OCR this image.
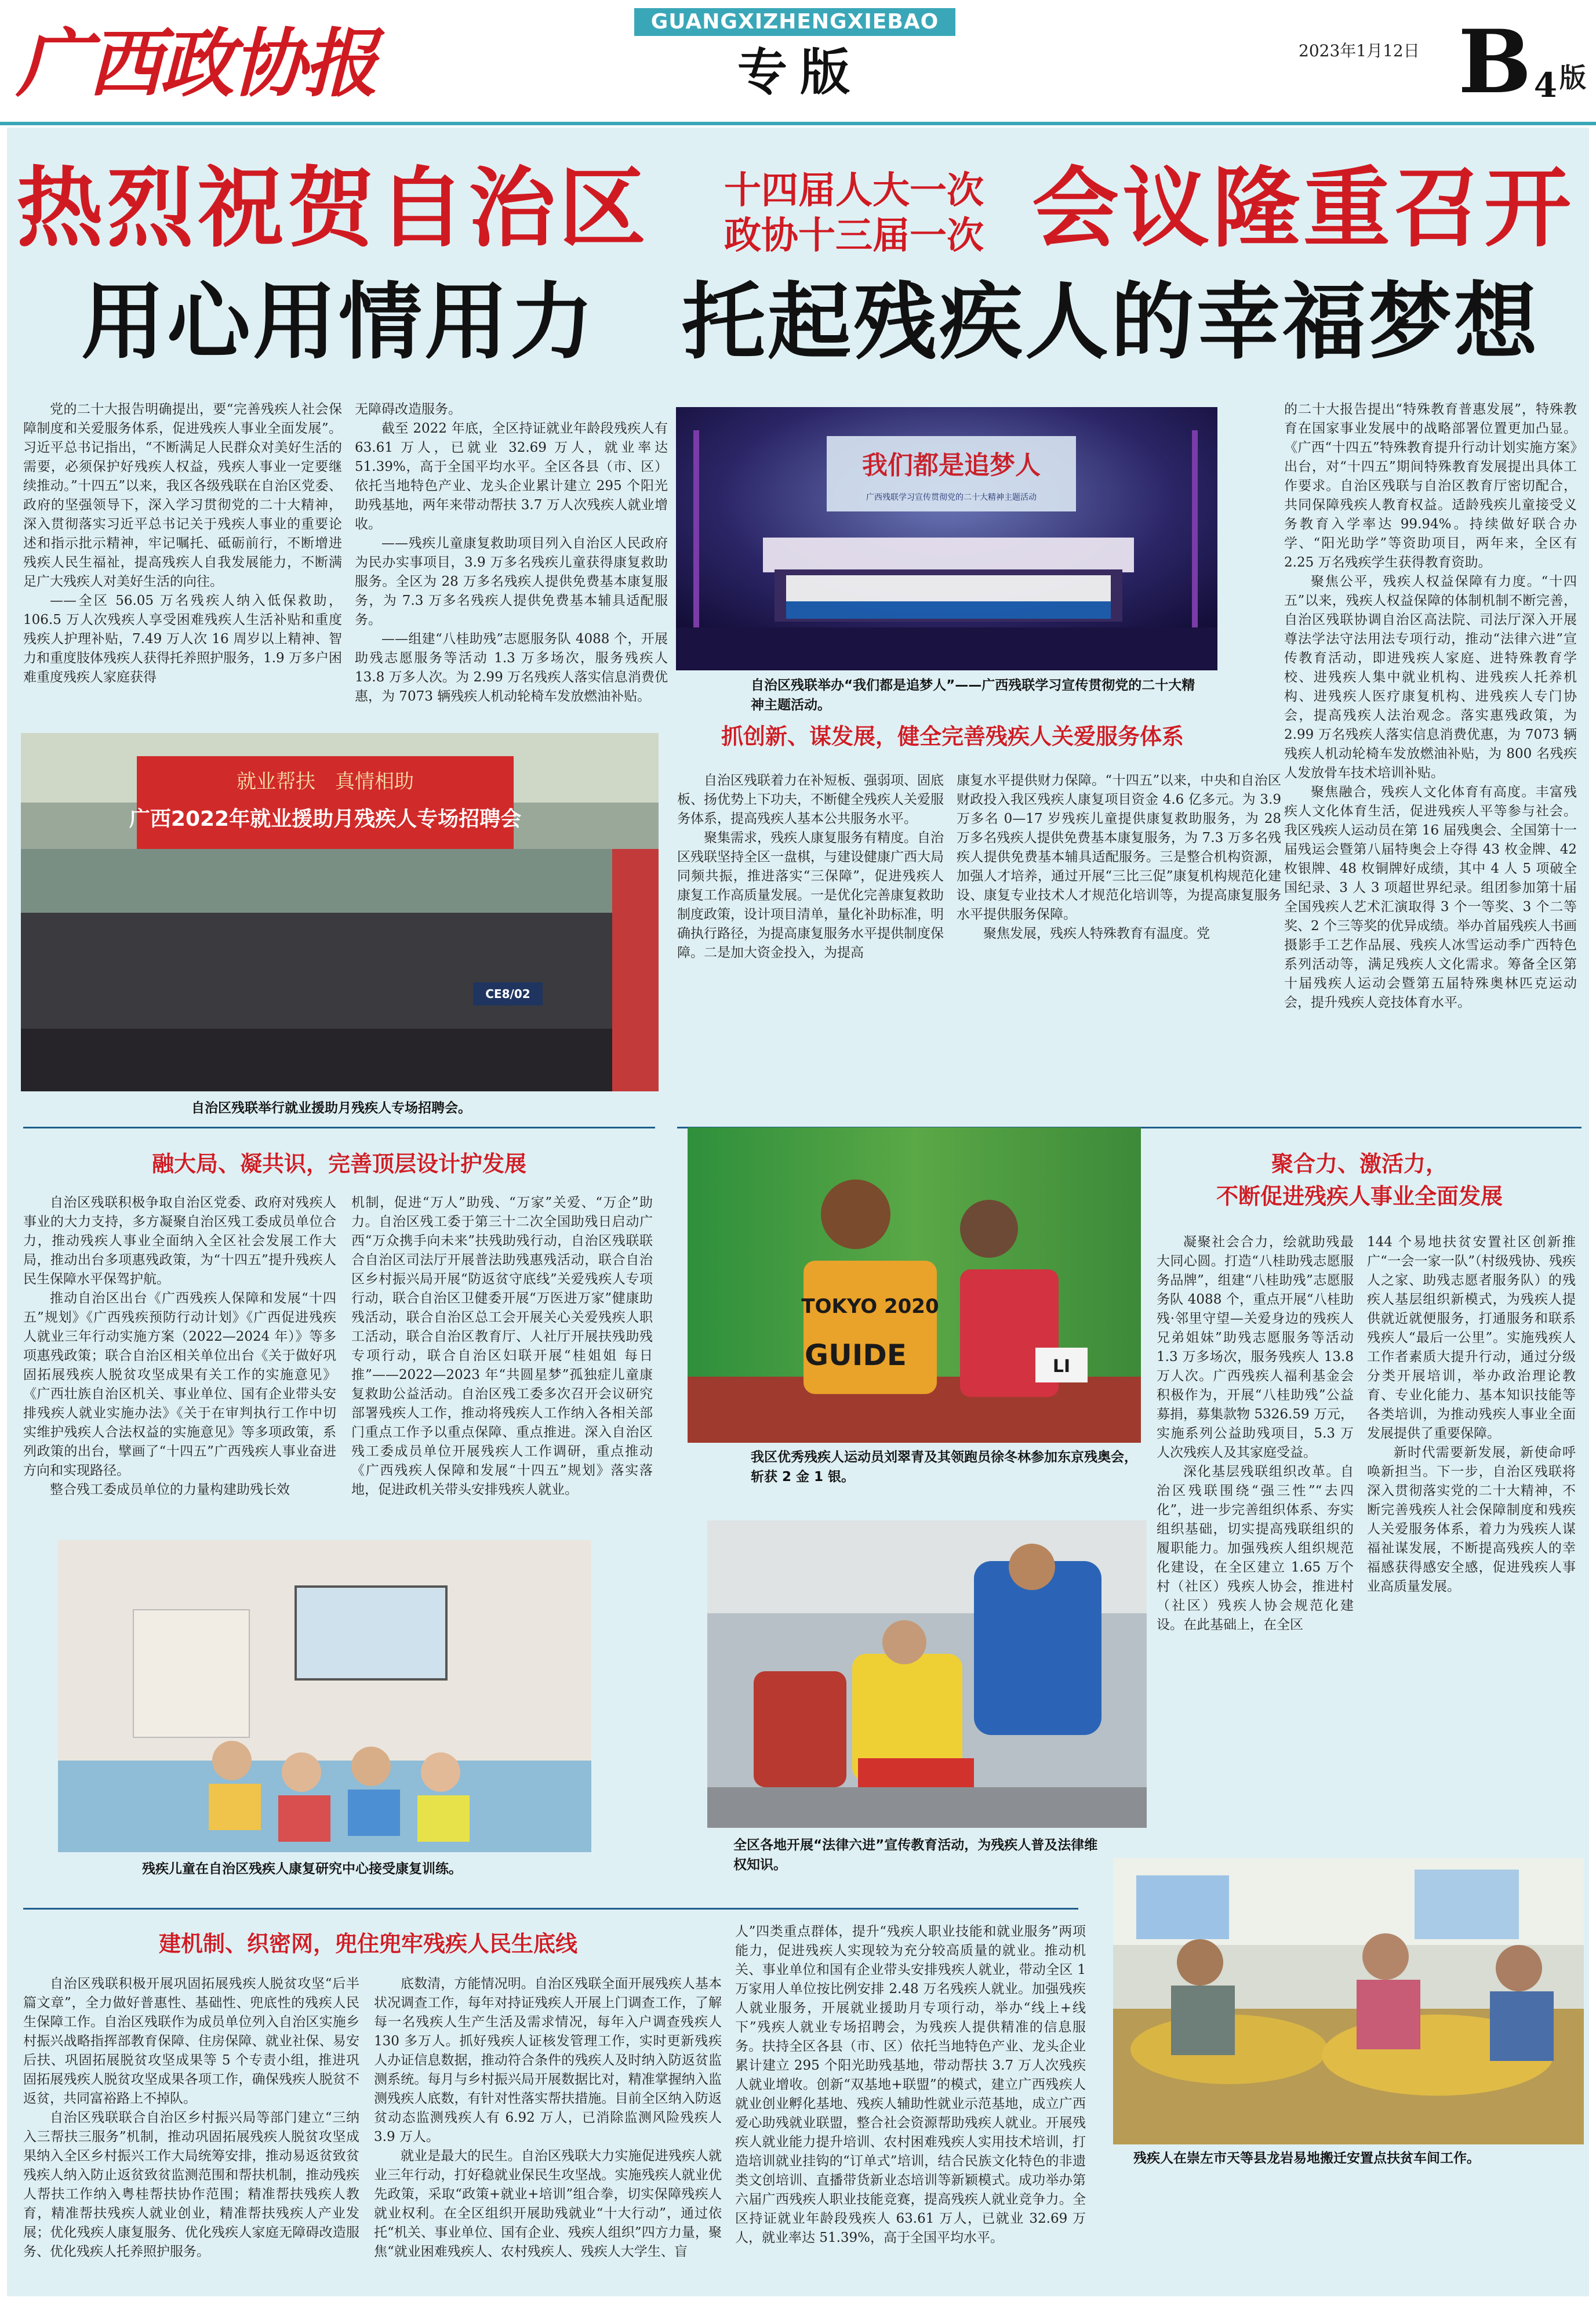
广西政协报	GUANGXIZHENGXIEBAO
专版	2023年1月12日 B4 版
热烈祝贺自治区	十四届人大一次
政协十三届一次 会议隆重召开
用心用情用力　托起残疾人的幸福梦想

党的二十大报告明确提出，要“完善残疾人社会保障制度和关爱服务体系，促进残疾人事业全面发展”。习近平总书记指出，“不断满足人民群众对美好生活的需要，必须保护好残疾人权益，残疾人事业一定要继续推动。”十四五”以来，我区各级残联在自治区党委、政府的坚强领导下，深入学习贯彻党的二十大精神，深入贯彻落实习近平总书记关于残疾人事业的重要论述和指示批示精神，牢记嘱托、砥砺前行，不断增进残疾人民生福祉，提高残疾人自我发展能力，不断满足广大残疾人对美好生活的向往。

——全区 56.05 万名残疾人纳入低保救助，106.5 万人次残疾人享受困难残疾人生活补贴和重度残疾人护理补贴，7.49 万人次 16 周岁以上精神、智力和重度肢体残疾人获得托养照护服务，1.9 万多户困难重度残疾人家庭获得

无障碍改造服务。

截至 2022 年底，全区持证就业年龄段残疾人有 63.61 万人，已就业 32.69 万人，就业率达 51.39%，高于全国平均水平。全区各县（市、区）依托当地特色产业、龙头企业累计建立 295 个阳光助残基地，两年来带动帮扶 3.7 万人次残疾人就业增收。

——残疾儿童康复救助项目列入自治区人民政府为民办实事项目，3.9 万多名残疾儿童获得康复救助服务。全区为 28 万多名残疾人提供免费基本康复服务，为 7.3 万多名残疾人提供免费基本辅具适配服务。

——组建“八桂助残”志愿服务队 4088 个，开展助残志愿服务等活动 1.3 万多场次，服务残疾人 13.8 万多人次。为 2.99 万名残疾人落实信息消费优惠，为 7073 辆残疾人机动轮椅车发放燃油补贴。

我们都是追梦人
广西残联学习宣传贯彻党的二十大精神主题活动
自治区残联举办“我们都是追梦人”——广西残联学习宣传贯彻党的二十大精神主题活动。
就业帮扶　真情相助
广西2022年就业援助月残疾人专场招聘会
CE8/02
自治区残联举行就业援助月残疾人专场招聘会。
抓创新、谋发展，健全完善残疾人关爱服务体系

自治区残联着力在补短板、强弱项、固底板、扬优势上下功夫，不断健全残疾人关爱服务体系，提高残疾人基本公共服务水平。

聚集需求，残疾人康复服务有精度。自治区残联坚持全区一盘棋，与建设健康广西大局同频共振，推进落实“三保障”，促进残疾人康复工作高质量发展。一是优化完善康复救助制度政策，设计项目清单，量化补助标准，明确执行路径，为提高康复服务水平提供制度保障。二是加大资金投入，为提高

康复水平提供财力保障。“十四五”以来，中央和自治区财政投入我区残疾人康复项目资金 4.6 亿多元。为 3.9 万多名 0—17 岁残疾儿童提供康复救助服务，为 28 万多名残疾人提供免费基本康复服务，为 7.3 万多名残疾人提供免费基本辅具适配服务。三是整合机构资源，加强人才培养，通过开展“三比三促”康复机构规范化建设、康复专业技术人才规范化培训等，为提高康复服务水平提供服务保障。

聚焦发展，残疾人特殊教育有温度。党

的二十大报告提出“特殊教育普惠发展”，特殊教育在国家事业发展中的战略部署位置更加凸显。《广西“十四五”特殊教育提升行动计划实施方案》出台，对“十四五”期间特殊教育发展提出具体工作要求。自治区残联与自治区教育厅密切配合，共同保障残疾人教育权益。适龄残疾儿童接受义务教育入学率达 99.94%。持续做好联合办学、“阳光助学”等资助项目，两年来，全区有 2.25 万名残疾学生获得教育资助。

聚焦公平，残疾人权益保障有力度。“十四五”以来，残疾人权益保障的体制机制不断完善，自治区残联协调自治区高法院、司法厅深入开展尊法学法守法用法专项行动，推动“法律六进”宣传教育活动，即进残疾人家庭、进特殊教育学校、进残疾人集中就业机构、进残疾人托养机构、进残疾人医疗康复机构、进残疾人专门协会，提高残疾人法治观念。落实惠残政策，为 2.99 万名残疾人落实信息消费优惠，为 7073 辆残疾人机动轮椅车发放燃油补贴，为 800 名残疾人发放骨车技术培训补贴。

聚焦融合，残疾人文化体育有高度。丰富残疾人文化体育生活，促进残疾人平等参与社会。我区残疾人运动员在第 16 届残奥会、全国第十一届残运会暨第八届特奥会上夺得 43 枚金牌、42 枚银牌、48 枚铜牌好成绩，其中 4 人 5 项破全国纪录、3 人 3 项超世界纪录。组团参加第十届全国残疾人艺术汇演取得 3 个一等奖、3 个二等奖、2 个三等奖的优异成绩。举办首届残疾人书画摄影手工艺作品展、残疾人冰雪运动季广西特色系列活动等，满足残疾人文化需求。筹备全区第十届残疾人运动会暨第五届特殊奥林匹克运动会，提升残疾人竞技体育水平。

融大局、凝共识，完善顶层设计护发展

自治区残联积极争取自治区党委、政府对残疾人事业的大力支持，多方凝聚自治区残工委成员单位合力，推动残疾人事业全面纳入全区社会发展工作大局，推动出台多项惠残政策，为“十四五”提升残疾人民生保障水平保驾护航。

推动自治区出台《广西残疾人保障和发展“十四五”规划》《广西残疾预防行动计划》《广西促进残疾人就业三年行动实施方案（2022—2024 年）》等多项惠残政策；联合自治区相关单位出台《关于做好巩固拓展残疾人脱贫攻坚成果有关工作的实施意见》《广西壮族自治区机关、事业单位、国有企业带头安排残疾人就业实施办法》《关于在审判执行工作中切实维护残疾人合法权益的实施意见》等多项政策，系列政策的出台，擘画了“十四五”广西残疾人事业奋进方向和实现路径。

整合残工委成员单位的力量构建助残长效

机制，促进“万人”助残、“万家”关爱、“万企”助力。自治区残工委于第三十二次全国助残日启动广西“万众携手向未来”扶残助残行动，自治区残联联合自治区司法厅开展普法助残惠残活动，联合自治区乡村振兴局开展“防返贫守底线”关爱残疾人专项行动，联合自治区卫健委开展“万医进万家”健康助残活动，联合自治区总工会开展关心关爱残疾人职工活动，联合自治区教育厅、人社厅开展扶残助残专项行动，联合自治区妇联开展“桂姐姐 每日推”——2022—2023 年“共圆星梦”孤独症儿童康复救助公益活动。自治区残工委多次召开会议研究部署残疾人工作，推动将残疾人工作纳入各相关部门重点工作予以重点保障、重点推进。深入自治区残工委成员单位开展残疾人工作调研，重点推动《广西残疾人保障和发展“十四五”规划》落实落地，促进政机关带头安排残疾人就业。

TOKYO 2020
GUIDE	LI
我区优秀残疾人运动员刘翠青及其领跑员徐冬林参加东京残奥会，斩获 2 金 1 银。
聚合力、激活力，
不断促进残疾人事业全面发展

凝聚社会合力，绘就助残最大同心圆。打造“八桂助残志愿服务品牌”，组建“八桂助残”志愿服务队 4088 个，重点开展“八桂助残·邻里守望—关爱身边的残疾人兄弟姐妹”助残志愿服务等活动 1.3 万多场次，服务残疾人 13.8 万人次。广西残疾人福利基金会积极作为，开展“八桂助残”公益募捐，募集款物 5326.59 万元，实施系列公益助残项目，5.3 万人次残疾人及其家庭受益。

深化基层残联组织改革。自治区残联围绕“强三性”“去四化”，进一步完善组织体系、夯实组织基础，切实提高残联组织的履职能力。加强残疾人组织规范化建设，在全区建立 1.65 万个村（社区）残疾人协会，推进村（社区）残疾人协会规范化建设。在此基础上，在全区

144 个易地扶贫安置社区创新推广“一会一家一队”（村级残协、残疾人之家、助残志愿者服务队）的残疾人基层组织新模式，为残疾人提供就近就便服务，打通服务和联系残疾人“最后一公里”。实施残疾人工作者素质大提升行动，通过分级分类开展培训，举办政治理论教育、专业化能力、基本知识技能等各类培训，为推动残疾人事业全面发展提供了重要保障。

新时代需要新发展，新使命呼唤新担当。下一步，自治区残联将深入贯彻落实党的二十大精神，不断完善残疾人社会保障制度和残疾人关爱服务体系，着力为残疾人谋福祉谋发展，不断提高残疾人的幸福感获得感安全感，促进残疾人事业高质量发展。

残疾儿童在自治区残疾人康复研究中心接受康复训练。
全区各地开展“法律六进”宣传教育活动，为残疾人普及法律维权知识。
建机制、织密网，兜住兜牢残疾人民生底线

自治区残联积极开展巩固拓展残疾人脱贫攻坚“后半篇文章”，全力做好普惠性、基础性、兜底性的残疾人民生保障工作。自治区残联作为成员单位列入自治区实施乡村振兴战略指挥部教育保障、住房保障、就业社保、易安后扶、巩固拓展脱贫攻坚成果等 5 个专责小组，推进巩固拓展残疾人脱贫攻坚成果各项工作，确保残疾人脱贫不返贫，共同富裕路上不掉队。

自治区残联联合自治区乡村振兴局等部门建立“三纳入三帮扶三服务”机制，推动巩固拓展残疾人脱贫攻坚成果纳入全区乡村振兴工作大局统筹安排，推动易返贫致贫残疾人纳入防止返贫致贫监测范围和帮扶机制，推动残疾人帮扶工作纳入粤桂帮扶协作范围；精准帮扶残疾人教育，精准帮扶残疾人就业创业，精准帮扶残疾人产业发展；优化残疾人康复服务、优化残疾人家庭无障碍改造服务、优化残疾人托养照护服务。

底数清，方能情况明。自治区残联全面开展残疾人基本状况调查工作，每年对持证残疾人开展上门调查工作，了解每一名残疾人生产生活及需求情况，每年入户调查残疾人 130 多万人。抓好残疾人证核发管理工作，实时更新残疾人办证信息数据，推动符合条件的残疾人及时纳入防返贫监测系统。每月与乡村振兴局开展数据比对，精准掌握纳入监测残疾人底数，有针对性落实帮扶措施。目前全区纳入防返贫动态监测残疾人有 6.92 万人，已消除监测风险残疾人 3.9 万人。

就业是最大的民生。自治区残联大力实施促进残疾人就业三年行动，打好稳就业保民生攻坚战。实施残疾人就业优先政策，采取“政策+就业+培训”组合拳，切实保障残疾人就业权利。在全区组织开展助残就业“十大行动”，通过依托“机关、事业单位、国有企业、残疾人组织”四方力量，聚焦“就业困难残疾人、农村残疾人、残疾人大学生、盲

人”四类重点群体，提升“残疾人职业技能和就业服务”两项能力，促进残疾人实现较为充分较高质量的就业。推动机关、事业单位和国有企业带头安排残疾人就业，带动全区 1 万家用人单位按比例安排 2.48 万名残疾人就业。加强残疾人就业服务，开展就业援助月专项行动，举办“线上+线下”残疾人就业专场招聘会，为残疾人提供精准的信息服务。扶持全区各县（市、区）依托当地特色产业、龙头企业累计建立 295 个阳光助残基地，带动帮扶 3.7 万人次残疾人就业增收。创新“双基地+联盟”的模式，建立广西残疾人就业创业孵化基地、残疾人辅助性就业示范基地，成立广西爱心助残就业联盟，整合社会资源帮助残疾人就业。开展残疾人就业能力提升培训、农村困难残疾人实用技术培训，打造培训就业挂钩的“订单式”培训，结合民族文化特色的非遗类文创培训、直播带货新业态培训等新颖模式。成功举办第六届广西残疾人职业技能竞赛，提高残疾人就业竞争力。全区持证就业年龄段残疾人 63.61 万人，已就业 32.69 万人，就业率达 51.39%，高于全国平均水平。

残疾人在崇左市天等县龙岩易地搬迁安置点扶贫车间工作。
